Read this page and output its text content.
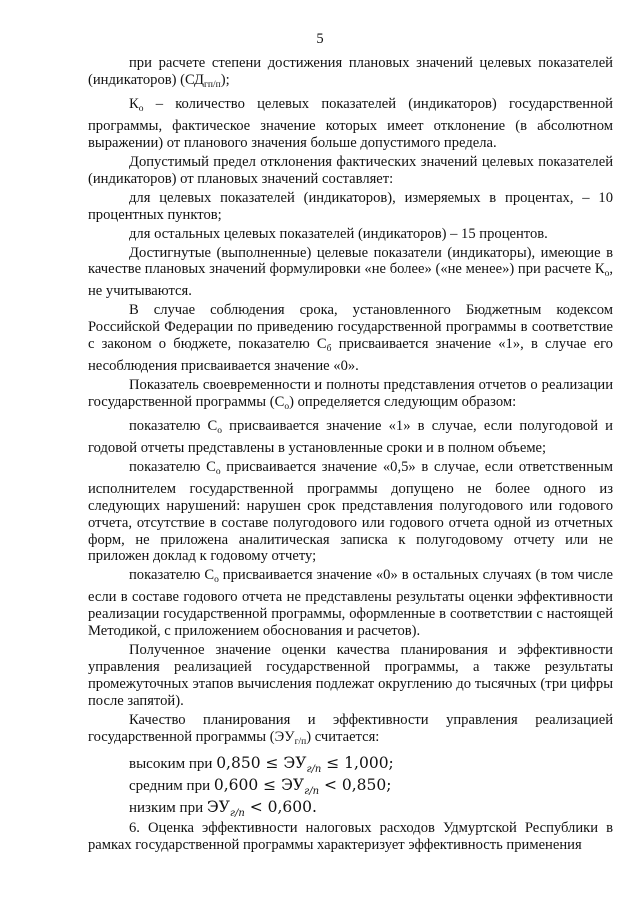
5

при расчете степени достижения плановых значений целевых показателей (индикаторов) $(СД_{гп/п})$;

$К_о$ – количество целевых показателей (индикаторов) государственной программы, фактическое значение которых имеет отклонение (в абсолютном выражении) от планового значения больше допустимого предела.

Допустимый предел отклонения фактических значений целевых показателей (индикаторов) от плановых значений составляет:

для целевых показателей (индикаторов), измеряемых в процентах, – 10 процентных пунктов;

для остальных целевых показателей (индикаторов) – 15 процентов.

Достигнутые (выполненные) целевые показатели (индикаторы), имеющие в качестве плановых значений формулировки «не более» («не менее») при расчете $К_о$, не учитываются.

В случае соблюдения срока, установленного Бюджетным кодексом Российской Федерации по приведению государственной программы в соответствие с законом о бюджете, показателю $С_б$ присваивается значение «1», в случае его несоблюдения присваивается значение «0».

Показатель своевременности и полноты представления отчетов о реализации государственной программы $(С_о)$ определяется следующим образом:

показателю $С_о$ присваивается значение «1» в случае, если полугодовой и годовой отчеты представлены в установленные сроки и в полном объеме;

показателю $С_о$ присваивается значение «0,5» в случае, если ответственным исполнителем государственной программы допущено не более одного из следующих нарушений: нарушен срок представления полугодового или годового отчета, отсутствие в составе полугодового или годового отчета одной из отчетных форм, не приложена аналитическая записка к полугодовому отчету или не приложен доклад к годовому отчету;

показателю $С_о$ присваивается значение «0» в остальных случаях (в том числе если в составе годового отчета не представлены результаты оценки эффективности реализации государственной программы, оформленные в соответствии с настоящей Методикой, с приложением обоснования и расчетов).

Полученное значение оценки качества планирования и эффективности управления реализацией государственной программы, а также результаты промежуточных этапов вычисления подлежат округлению до тысячных (три цифры после запятой).

Качество планирования и эффективности управления реализацией государственной программы $(ЭУ_{г/п})$ считается:

высоким при $0,850 \le ЭУ_{г/п} \le 1,000$;
средним при $0,600 \le ЭУ_{г/п} < 0,850$;
низким при $ЭУ_{г/п} < 0,600$.

6. Оценка эффективности налоговых расходов Удмуртской Республики в рамках государственной программы характеризует эффективность применения
